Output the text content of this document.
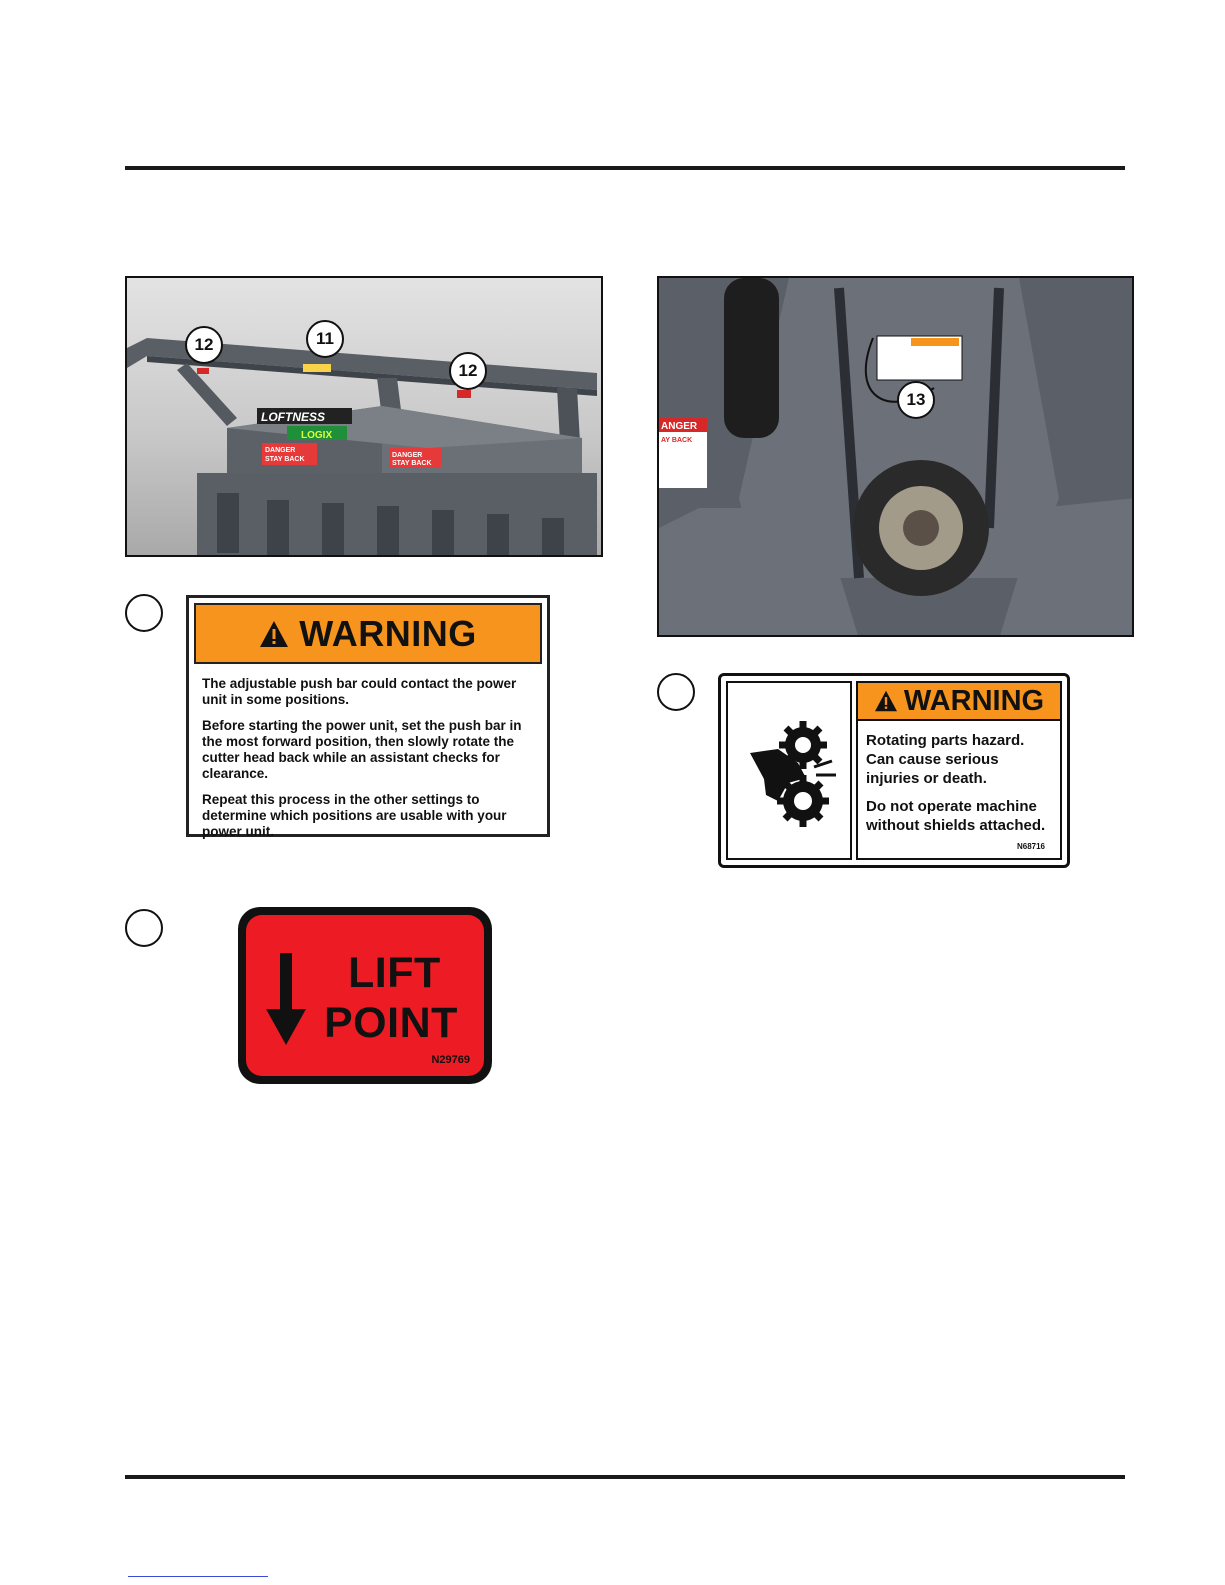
LOGIX
LOFTNESS
DANGER
STAY BACK
DANGER
STAY BACK
12	11
12
ANGER
AY BACK
13
WARNING

The adjustable push bar could contact the power unit in some positions.

Before starting the power unit, set the push bar in the most forward position, then slowly rotate the cutter head back while an assistant checks for clearance.

Repeat this process in the other settings to determine which positions are usable with your power unit.

WARNING

Rotating parts hazard. Can cause serious injuries or death.

Do not operate machine without shields attached.

N68716
LIFT
POINT
N29769
